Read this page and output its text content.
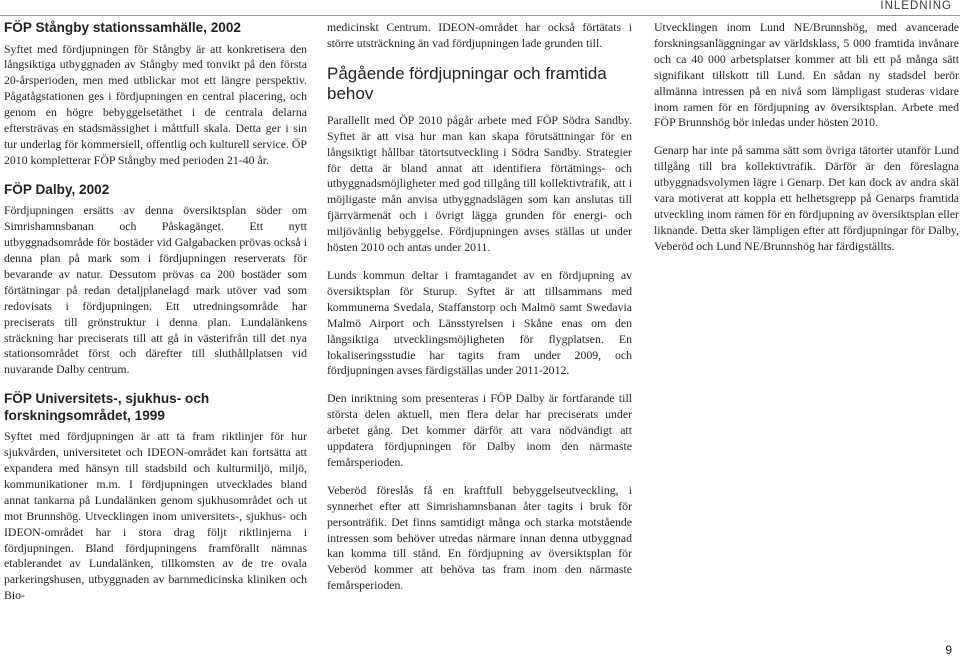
INLEDNING
FÖP Stångby stationssamhälle, 2002

Syftet med fördjupningen för Stångby är att konkretisera den långsiktiga utbyggnaden av Stångby med tonvikt på den första 20-årsperioden, men med utblickar mot ett längre perspektiv. Pågatågstationen ges i fördjupningen en central placering, och genom en högre bebyggelsetäthet i de centrala delarna eftersträvas en stadsmässighet i måttfull skala. Detta ger i sin tur underlag för kommersiell, offentlig och kulturell service. ÖP 2010 kompletterar FÖP Stångby med perioden 21-40 år.

FÖP Dalby, 2002

Fördjupningen ersätts av denna översiktsplan söder om Simrishamnsbanan och Påskagänget. Ett nytt utbyggnadsområde för bostäder vid Galgabacken prövas också i denna plan på mark som i fördjupningen reserverats för bevarande av natur. Dessutom prövas ca 200 bostäder som förtätningar på redan detaljplanelagd mark utöver vad som redovisats i fördjupningen. Ett utredningsområde har preciserats till grönstruktur i denna plan. Lundalänkens sträckning har preciserats till att gå in västerifrån till det nya stationsområdet först och därefter till sluthållplatsen vid nuvarande Dalby centrum.

FÖP Universitets-, sjukhus- och forskningsområdet, 1999

Syftet med fördjupningen är att ta fram riktlinjer för hur sjukvården, universitetet och IDEON-området kan fortsätta att expandera med hänsyn till stadsbild och kulturmiljö, miljö, kommunikationer m.m. I fördjupningen utvecklades bland annat tankarna på Lundalänken genom sjukhusområdet och ut mot Brunnshög. Utvecklingen inom universitets-, sjukhus- och IDEON-området har i stora drag följt riktlinjerna i fördjupningen. Bland fördjupningens framförallt nämnas etablerandet av Lundalänken, tillkomsten av de tre ovala parkeringshusen, utbyggnaden av barnmedicinska kliniken och Bio-

medicinskt Centrum. IDEON-området har också förtätats i större utsträckning än vad fördjupningen lade grunden till.

Pågående fördjupningar och framtida behov

Parallellt med ÖP 2010 pågår arbete med FÖP Södra Sandby. Syftet är att visa hur man kan skapa förutsättningar för en långsiktigt hållbar tätortsutveckling i Södra Sandby. Strategier för detta är bland annat att identifiera förtätnings- och utbyggnadsmöjligheter med god tillgång till kollektivtrafik, att i möjligaste mån anvisa utbyggnadslägen som kan anslutas till fjärrvärmenät och i övrigt lägga grunden för energi- och miljövänlig bebyggelse. Fördjupningen avses ställas ut under hösten 2010 och antas under 2011.

Lunds kommun deltar i framtagandet av en fördjupning av översiktsplan för Sturup. Syftet är att tillsammans med kommunerna Svedala, Staffanstorp och Malmö samt Swedavia Malmö Airport och Länsstyrelsen i Skåne enas om den långsiktiga utvecklingsmöjligheten för flygplatsen. En lokaliseringsstudie har tagits fram under 2009, och fördjupningen avses färdigställas under 2011-2012.

Den inriktning som presenteras i FÖP Dalby är fortfarande till största delen aktuell, men flera delar har preciserats under arbetet gång. Det kommer därför att vara nödvändigt att uppdatera fördjupningen för Dalby inom den närmaste femårsperioden.

Veberöd föreslås få en kraftfull bebyggelseutveckling, i synnerhet efter att Simrishamnsbanan åter tagits i bruk för personträfik. Det finns samtidigt många och starka motstående intressen som behöver utredas närmare innan denna utbyggnad kan komma till stånd. En fördjupning av översiktsplan för Veberöd kommer att behöva tas fram inom den närmaste femårsperioden.

Utvecklingen inom Lund NE/Brunnshög, med avancerade forskningsanläggningar av världsklass, 5 000 framtida invånare och ca 40 000 arbetsplatser kommer att bli ett på många sätt signifikant tillskott till Lund. En sådan ny stadsdel berör allmänna intressen på en nivå som lämpligast studeras vidare inom ramen för en fördjupning av översiktsplan. Arbete med FÖP Brunnshög bör inledas under hösten 2010.

Genarp har inte på samma sätt som övriga tätorter utanför Lund tillgång till bra kollektivtrafik. Därför är den föreslagna utbyggnadsvolymen lägre i Genarp. Det kan dock av andra skäl vara motiverat att koppla ett helhetsgrepp på Genarps framtida utveckling inom ramen för en fördjupning av översiktsplan eller liknande. Detta sker lämpligen efter att fördjupningar för Dalby, Veberöd och Lund NE/Brunnshög har färdigställts.

9
